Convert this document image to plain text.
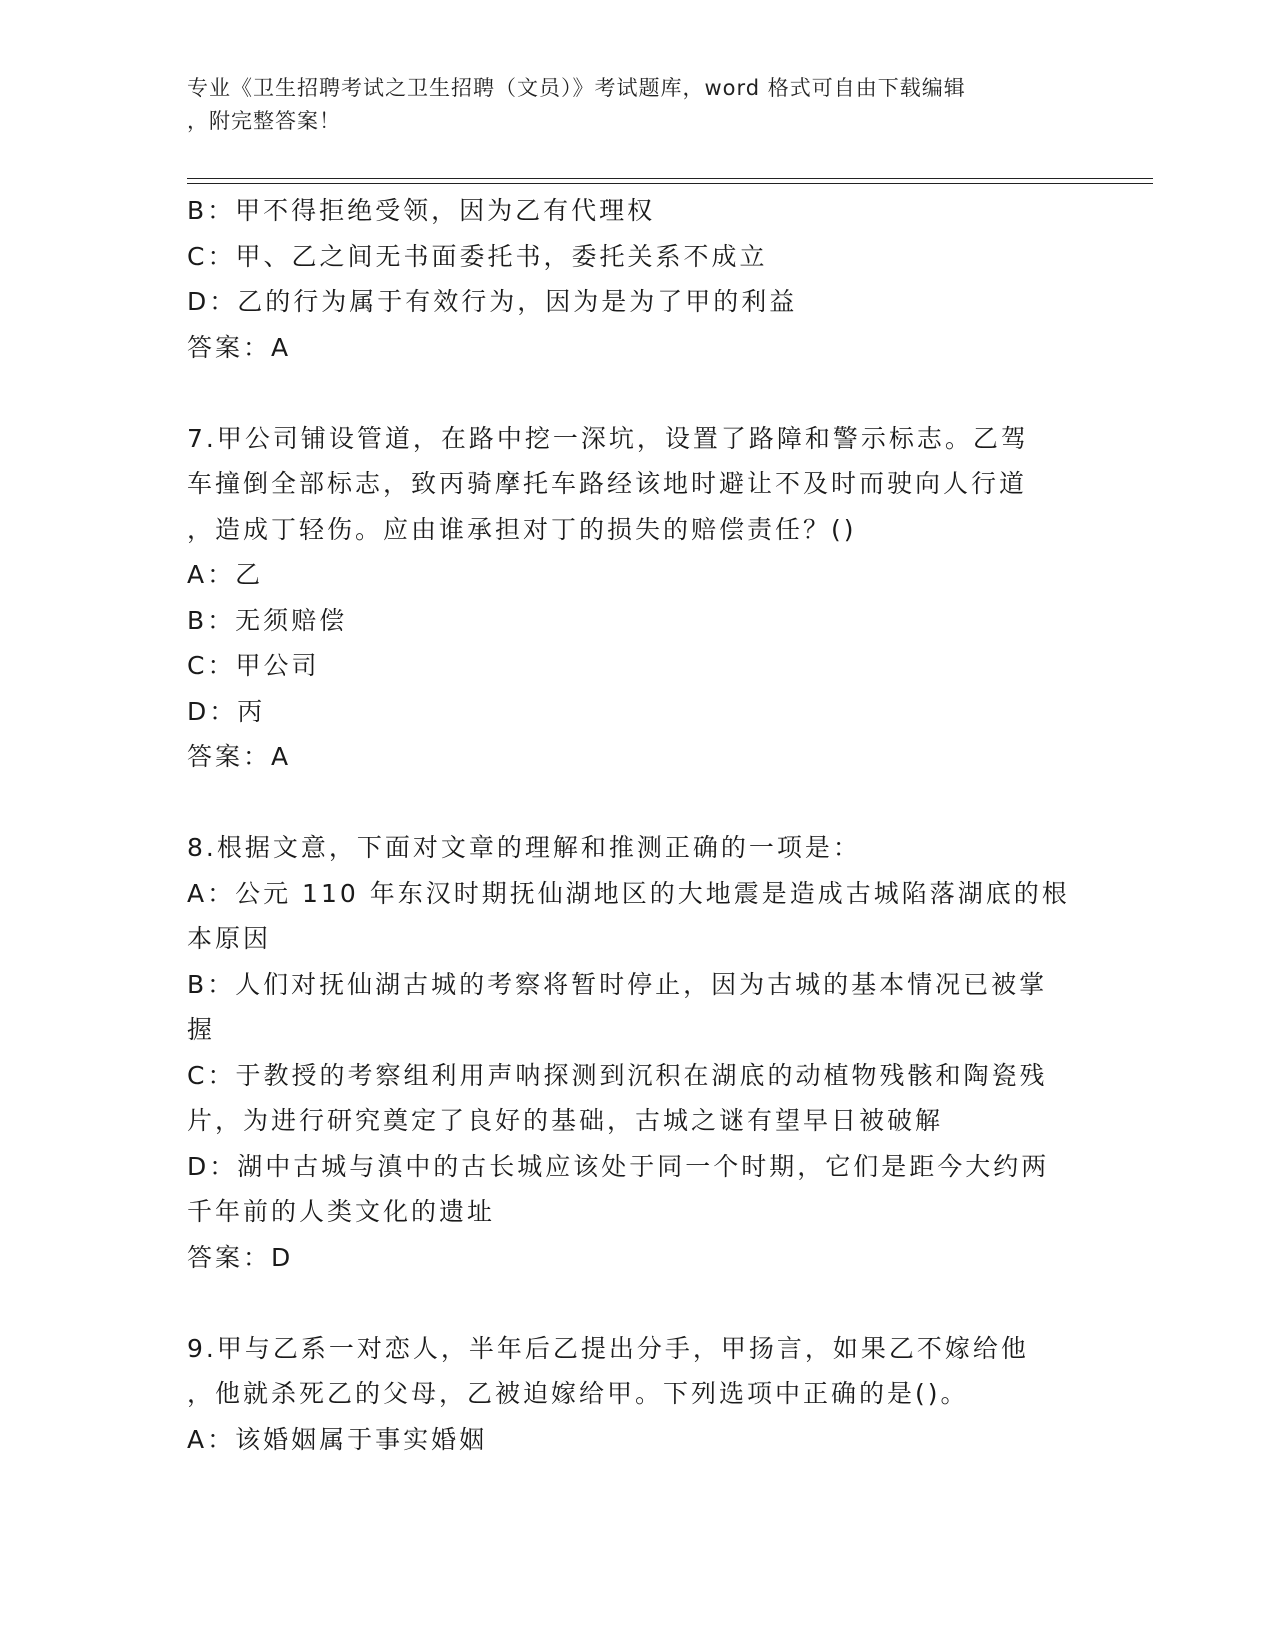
专业《卫生招聘考试之卫生招聘（文员）》考试题库，word 格式可自由下载编辑
，附完整答案！
B：甲不得拒绝受领，因为乙有代理权
C：甲、乙之间无书面委托书，委托关系不成立
D：乙的行为属于有效行为，因为是为了甲的利益
答案：A
7.甲公司铺设管道，在路中挖一深坑，设置了路障和警示标志。乙驾
车撞倒全部标志，致丙骑摩托车路经该地时避让不及时而驶向人行道
，造成丁轻伤。应由谁承担对丁的损失的赔偿责任？()
A：乙
B：无须赔偿
C：甲公司
D：丙
答案：A
8.根据文意，下面对文章的理解和推测正确的一项是：
A：公元 110 年东汉时期抚仙湖地区的大地震是造成古城陷落湖底的根
本原因
B：人们对抚仙湖古城的考察将暂时停止，因为古城的基本情况已被掌
握
C：于教授的考察组利用声呐探测到沉积在湖底的动植物残骸和陶瓷残
片，为进行研究奠定了良好的基础，古城之谜有望早日被破解
D：湖中古城与滇中的古长城应该处于同一个时期，它们是距今大约两
千年前的人类文化的遗址
答案：D
9.甲与乙系一对恋人，半年后乙提出分手，甲扬言，如果乙不嫁给他
，他就杀死乙的父母，乙被迫嫁给甲。下列选项中正确的是()。
A：该婚姻属于事实婚姻
